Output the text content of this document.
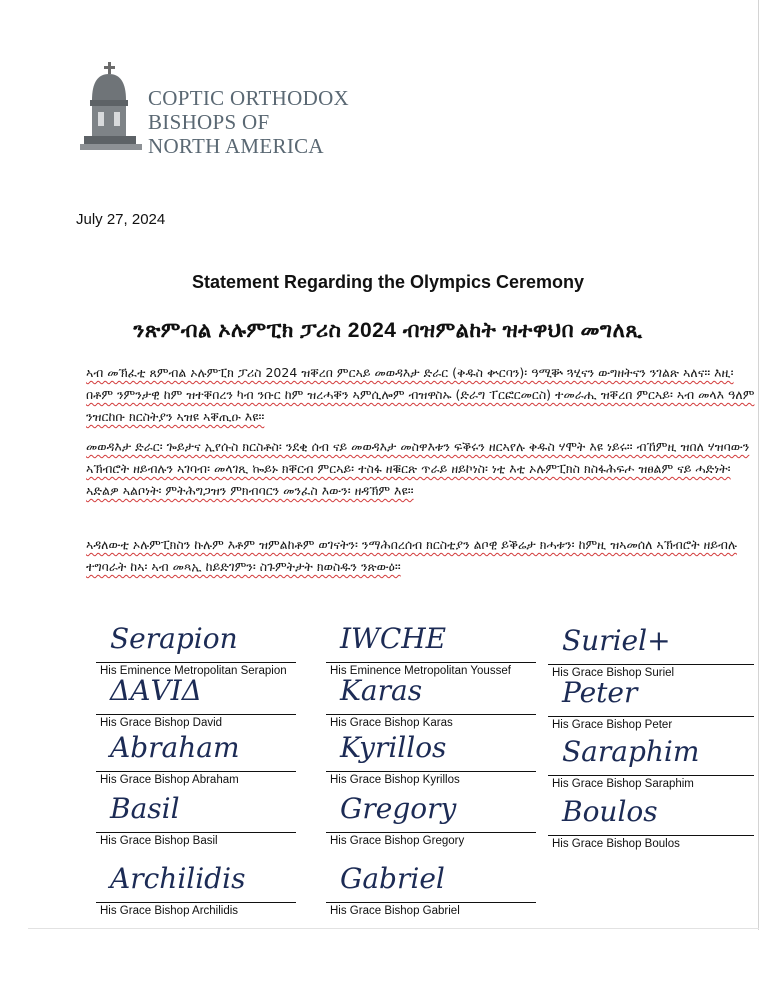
COPTIC ORTHODOX
BISHOPS OF
NORTH AMERICA
July 27, 2024
Statement Regarding the Olympics Ceremony
ንጽምብል ኦሉምፒክ ፓሪስ 2024 ብዝምልከት ዝተዋህበ መግለጺ
ኣብ መኽፈቲ ጸምብል ኦሉምፒክ ፓሪስ 2024 ዝቐረበ ምርኣይ መወዳእታ ድራር (ቅዱስ ቍርባን)፡ ዓሚቝ ጓሂናን ውግዘትናን ንገልጽ ኣለና። እዚ፡ በቶም ንምንታዊ ከም ዝተቐበረን ካብ ንቡር ከም ዝረሓቐን ኣምሲሎም ብዝዋስኡ (ድራግ ፐርፎርመርስ) ተመራሒ ዝቐረበ ምርኣይ፡ ኣብ መላእ ዓለም ንዝርከቡ ክርስትያን ኣዝዩ ኣቐጢዑ እዩ።
መወዳእታ ድራር፡ ጐይታና ኢየሱስ ክርስቶስ፡ ንደቂ ሰብ ናይ መወዳእታ መስዋእቱን ፍቕሩን ዘርኣየሉ ቅዱስ ሃሞት እዩ ነይሩ። ብኸምዚ ዝበለ ሃዝባውን ኣኽብሮት ዘይብሉን ኣገባብ፡ መላገጺ ኰይኑ ክቐርብ ምርኣይ፡ ተስፋ ዘቑርጽ ጥራይ ዘይኮነስ፡ ነቲ እቲ ኦሉምፒክስ ክስፋሕፍሖ ዝፀልም ናይ ሓድነት፡ ኣድልዎ ኣልቦነት፡ ምትሕግጋዝን ምክብባርን መንፈስ እውን፡ ዘዳኽም እዩ።
ኣዳለውቲ ኦሉምፒክስን ኩሉም እቶም ዝምልከቶም ወገናትን፡ ንማሕበረሰብ ክርስቲያን ልቦዊ ይቕሬታ ክሓቱን፡ ከምዚ ዝኣመሰለ ኣኽብሮት ዘይብሉ ተግባራት ከኣ፡ ኣብ መጻኢ ከይድገምን፡ ስጉምትታት ክወስዱን ንጽውዕ።
Serapion
His Eminence Metropolitan Serapion
IWCHE
His Eminence Metropolitan Youssef
Suriel+
His Grace Bishop Suriel
ΔΑVΙΔ
His Grace Bishop David
Karas
His Grace Bishop Karas
Peter
His Grace Bishop Peter
Abraham
His Grace Bishop Abraham
Kyrillos
His Grace Bishop Kyrillos
Saraphim
His Grace Bishop Saraphim
Basil
His Grace Bishop Basil
Gregory
His Grace Bishop Gregory
Boulos
His Grace Bishop Boulos
Archilidis
His Grace Bishop Archilidis
Gabriel
His Grace Bishop Gabriel
